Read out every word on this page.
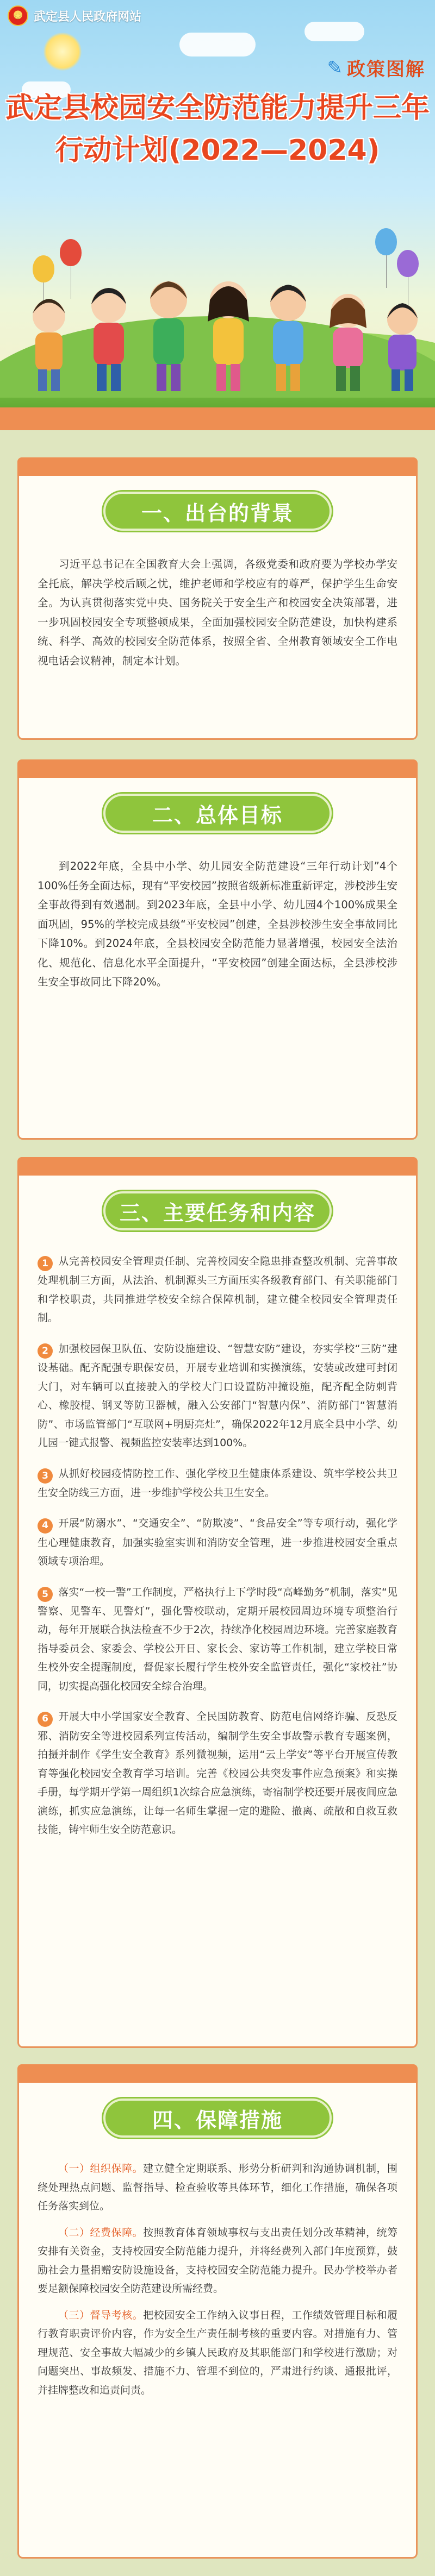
★ 武定县人民政府网站
✎ 政策图解
武定县校园安全防范能力提升三年
行动计划(2022—2024)
一、出台的背景

习近平总书记在全国教育大会上强调，各级党委和政府要为学校办学安全托底，解决学校后顾之忧，维护老师和学校应有的尊严，保护学生生命安全。为认真贯彻落实党中央、国务院关于安全生产和校园安全决策部署，进一步巩固校园安全专项整顿成果，全面加强校园安全防范建设，加快构建系统、科学、高效的校园安全防范体系，按照全省、全州教育领域安全工作电视电话会议精神，制定本计划。

二、总体目标

到2022年底，全县中小学、幼儿园安全防范建设“三年行动计划”4个100%任务全面达标，现有“平安校园”按照省级新标准重新评定，涉校涉生安全事故得到有效遏制。到2023年底，全县中小学、幼儿园4个100%成果全面巩固，95%的学校完成县级“平安校园”创建，全县涉校涉生安全事故同比下降10%。到2024年底，全县校园安全防范能力显著增强，校园安全法治化、规范化、信息化水平全面提升，“平安校园”创建全面达标，全县涉校涉生安全事故同比下降20%。

三、主要任务和内容
1 从完善校园安全管理责任制、完善校园安全隐患排查整改机制、完善事故处理机制三方面，从法治、机制源头三方面压实各级教育部门、有关职能部门和学校职责，共同推进学校安全综合保障机制，建立健全校园安全管理责任制。
2 加强校园保卫队伍、安防设施建设、“智慧安防”建设，夯实学校“三防”建设基础。配齐配强专职保安员，开展专业培训和实操演练，安装或改建可封闭大门，对车辆可以直接驶入的学校大门口设置防冲撞设施，配齐配全防刺背心、橡胶棍、钢叉等防卫器械，融入公安部门“智慧内保”、消防部门“智慧消防”、市场监管部门“互联网+明厨亮灶”，确保2022年12月底全县中小学、幼儿园一键式报警、视频监控安装率达到100%。
3 从抓好校园疫情防控工作、强化学校卫生健康体系建设、筑牢学校公共卫生安全防线三方面，进一步维护学校公共卫生安全。
4 开展“防溺水”、“交通安全”、“防欺凌”、“食品安全”等专项行动，强化学生心理健康教育，加强实验室实训和消防安全管理，进一步推进校园安全重点领域专项治理。
5 落实“一校一警”工作制度，严格执行上下学时段“高峰勤务”机制，落实“见警察、见警车、见警灯”，强化警校联动，定期开展校园周边环境专项整治行动，每年开展联合执法检查不少于2次，持续净化校园周边环境。完善家庭教育指导委员会、家委会、学校公开日、家长会、家访等工作机制，建立学校日常生校外安全提醒制度，督促家长履行学生校外安全监管责任，强化“家校社”协同，切实提高强化校园安全综合治理。
6 开展大中小学国家安全教育、全民国防教育、防范电信网络诈骗、反恐反邪、消防安全等进校园系列宣传活动，编制学生安全事故警示教育专题案例，拍摄并制作《学生安全教育》系列微视频，运用“云上学安”等平台开展宣传教育等强化校园安全教育学习培训。完善《校园公共突发事件应急预案》和实操手册，每学期开学第一周组织1次综合应急演练，寄宿制学校还要开展夜间应急演练，抓实应急演练，让每一名师生掌握一定的避险、撤离、疏散和自救互救技能，铸牢师生安全防范意识。
四、保障措施

（一）组织保障。建立健全定期联系、形势分析研判和沟通协调机制，围绕处理热点问题、监督指导、检查验收等具体环节，细化工作措施，确保各项任务落实到位。

（二）经费保障。按照教育体育领域事权与支出责任划分改革精神，统筹安排有关资金，支持校园安全防范能力提升，并将经费列入部门年度预算，鼓励社会力量捐赠安防设施设备，支持校园安全防范能力提升。民办学校举办者要足额保障校园安全防范建设所需经费。

（三）督导考核。把校园安全工作纳入议事日程，工作绩效管理目标和履行教育职责评价内容，作为安全生产责任制考核的重要内容。对措施有力、管理规范、安全事故大幅减少的乡镇人民政府及其职能部门和学校进行激励；对问题突出、事故频发、措施不力、管理不到位的，严肃进行约谈、通报批评，并挂牌整改和追责问责。
